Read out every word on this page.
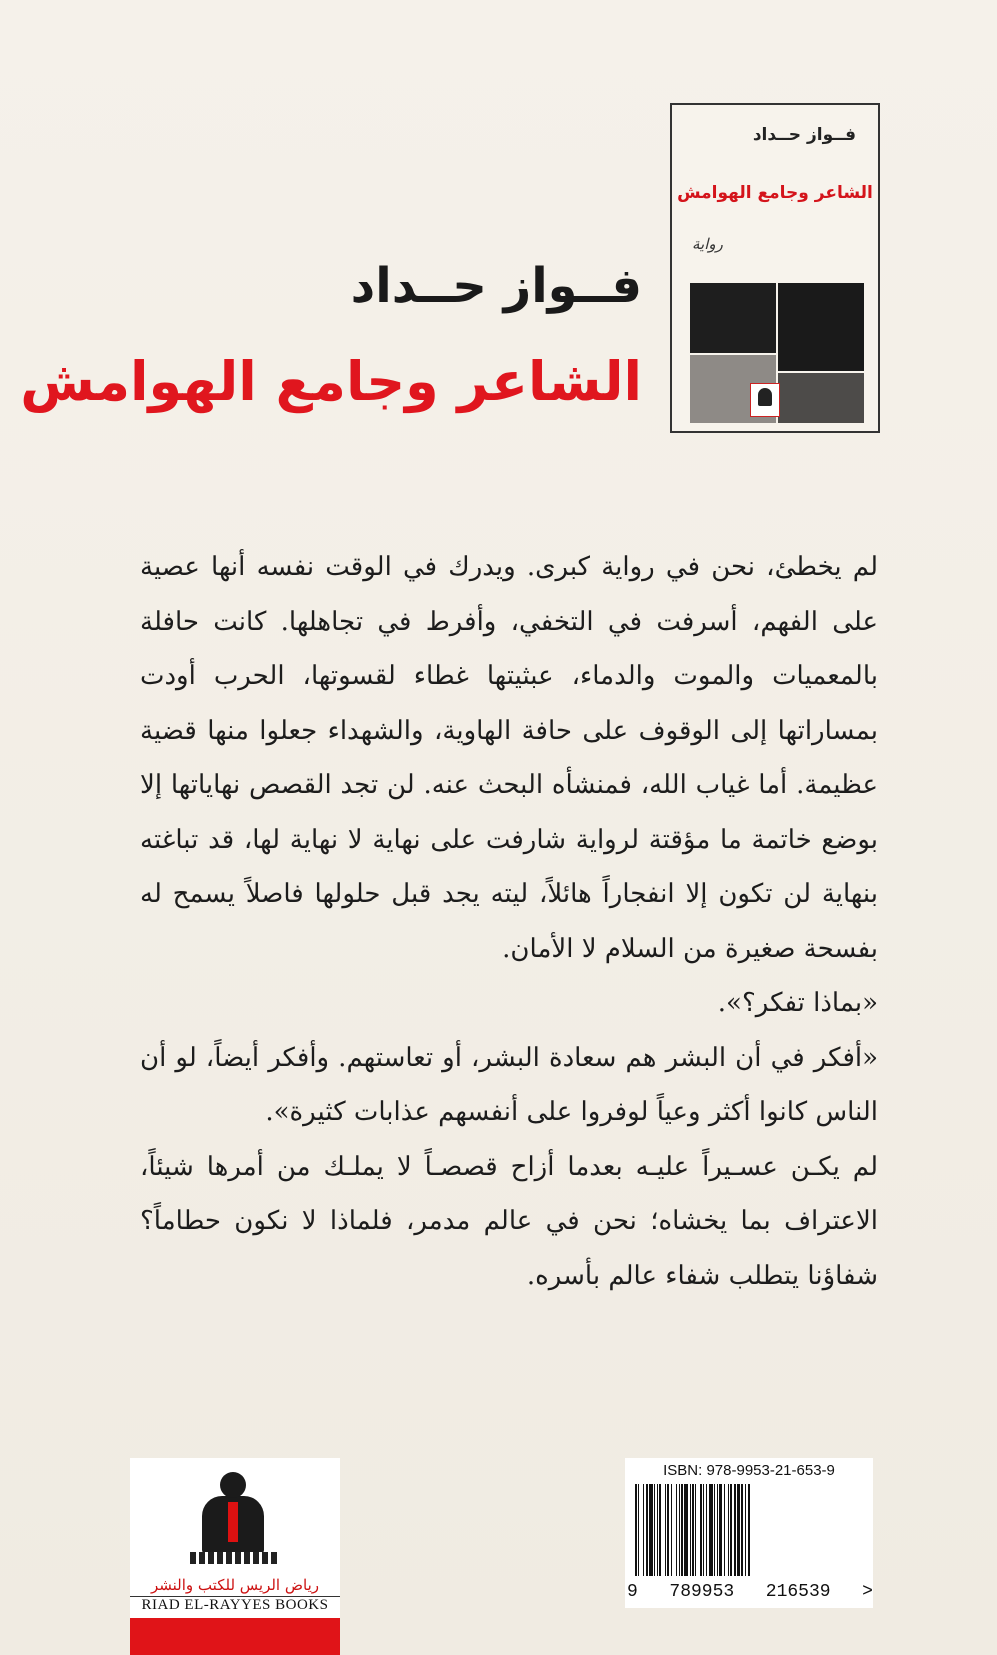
فــواز حــداد
الشاعر وجامع الهوامش
رواية
فــواز حــداد
الشاعر وجامع الهوامش

لم يخطئ، نحن في رواية كبرى. ويدرك في الوقت نفسه أنها عصية على الفهم، أسرفت في التخفي، وأفرط في تجاهلها. كانت حافلة بالمعميات والموت والدماء، عبثيتها غطاء لقسوتها، الحرب أودت بمساراتها إلى الوقوف على حافة الهاوية، والشهداء جعلوا منها قضية عظيمة. أما غياب الله، فمنشأه البحث عنه. لن تجد القصص نهاياتها إلا بوضع خاتمة ما مؤقتة لرواية شارفت على نهاية لا نهاية لها، قد تباغته بنهاية لن تكون إلا انفجاراً هائلاً، ليته يجد قبل حلولها فاصلاً يسمح له بفسحة صغيرة من السلام لا الأمان.

«بماذا تفكر؟».

«أفكر في أن البشر هم سعادة البشر، أو تعاستهم. وأفكر أيضاً، لو أن الناس كانوا أكثر وعياً لوفروا على أنفسهم عذابات كثيرة».

لم يكـن عسـيراً عليـه بعدما أزاح قصصـاً لا يملـك من أمرها شيئاً، الاعتراف بما يخشاه؛ نحن في عالم مدمر، فلماذا لا نكون حطاماً؟ شفاؤنا يتطلب شفاء عالم بأسره.

رياض الريس للكتب والنشر
RIAD EL-RAYYES BOOKS
ISBN: 978-9953-21-653-9
9 789953 216539 >
